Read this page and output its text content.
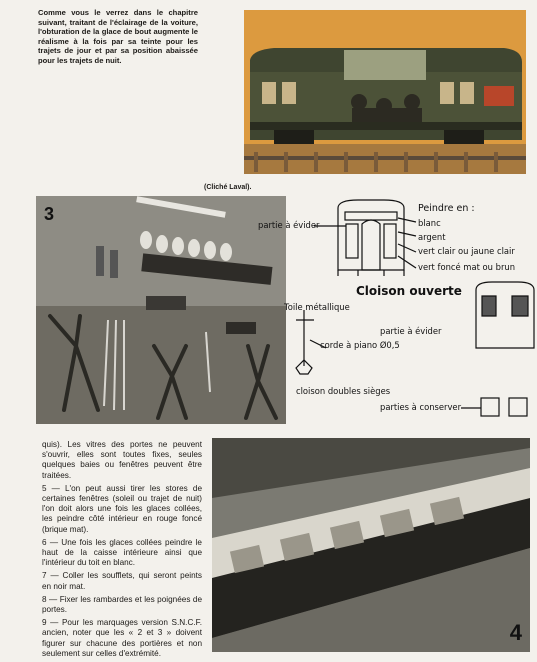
Comme vous le verrez dans le chapitre suivant, traitant de l'éclairage de la voiture, l'obturation de la glace de bout augmente le réalisme à la fois par sa teinte pour les trajets de jour et par sa position abaissée pour les trajets de nuit.
(Cliché Laval).
3	Peindre en :
partie à évider	blanc
argent
vert clair ou jaune clair
vert foncé mat ou brun
Cloison ouverte
Toile métallique
corde à piano Ø0,5
partie à évider
cloison doubles sièges
parties à conserver

quis). Les vitres des portes ne peuvent s'ouvrir, elles sont toutes fixes, seules quelques baies ou fenêtres peuvent être traitées.

5 — L'on peut aussi tirer les stores de certaines fenêtres (soleil ou trajet de nuit) l'on doit alors une fois les glaces collées, les peindre côté intérieur en rouge foncé (brique mat).

6 — Une fois les glaces collées peindre le haut de la caisse intérieure ainsi que l'intérieur du toit en blanc.

7 — Coller les soufflets, qui seront peints en noir mat.

8 — Fixer les rambardes et les poignées de portes.

9 — Pour les marquages version S.N.C.F. ancien, noter que les « 2 et 3 » doivent figurer sur chacune des portières et non seulement sur celles d'extrémité.

4
